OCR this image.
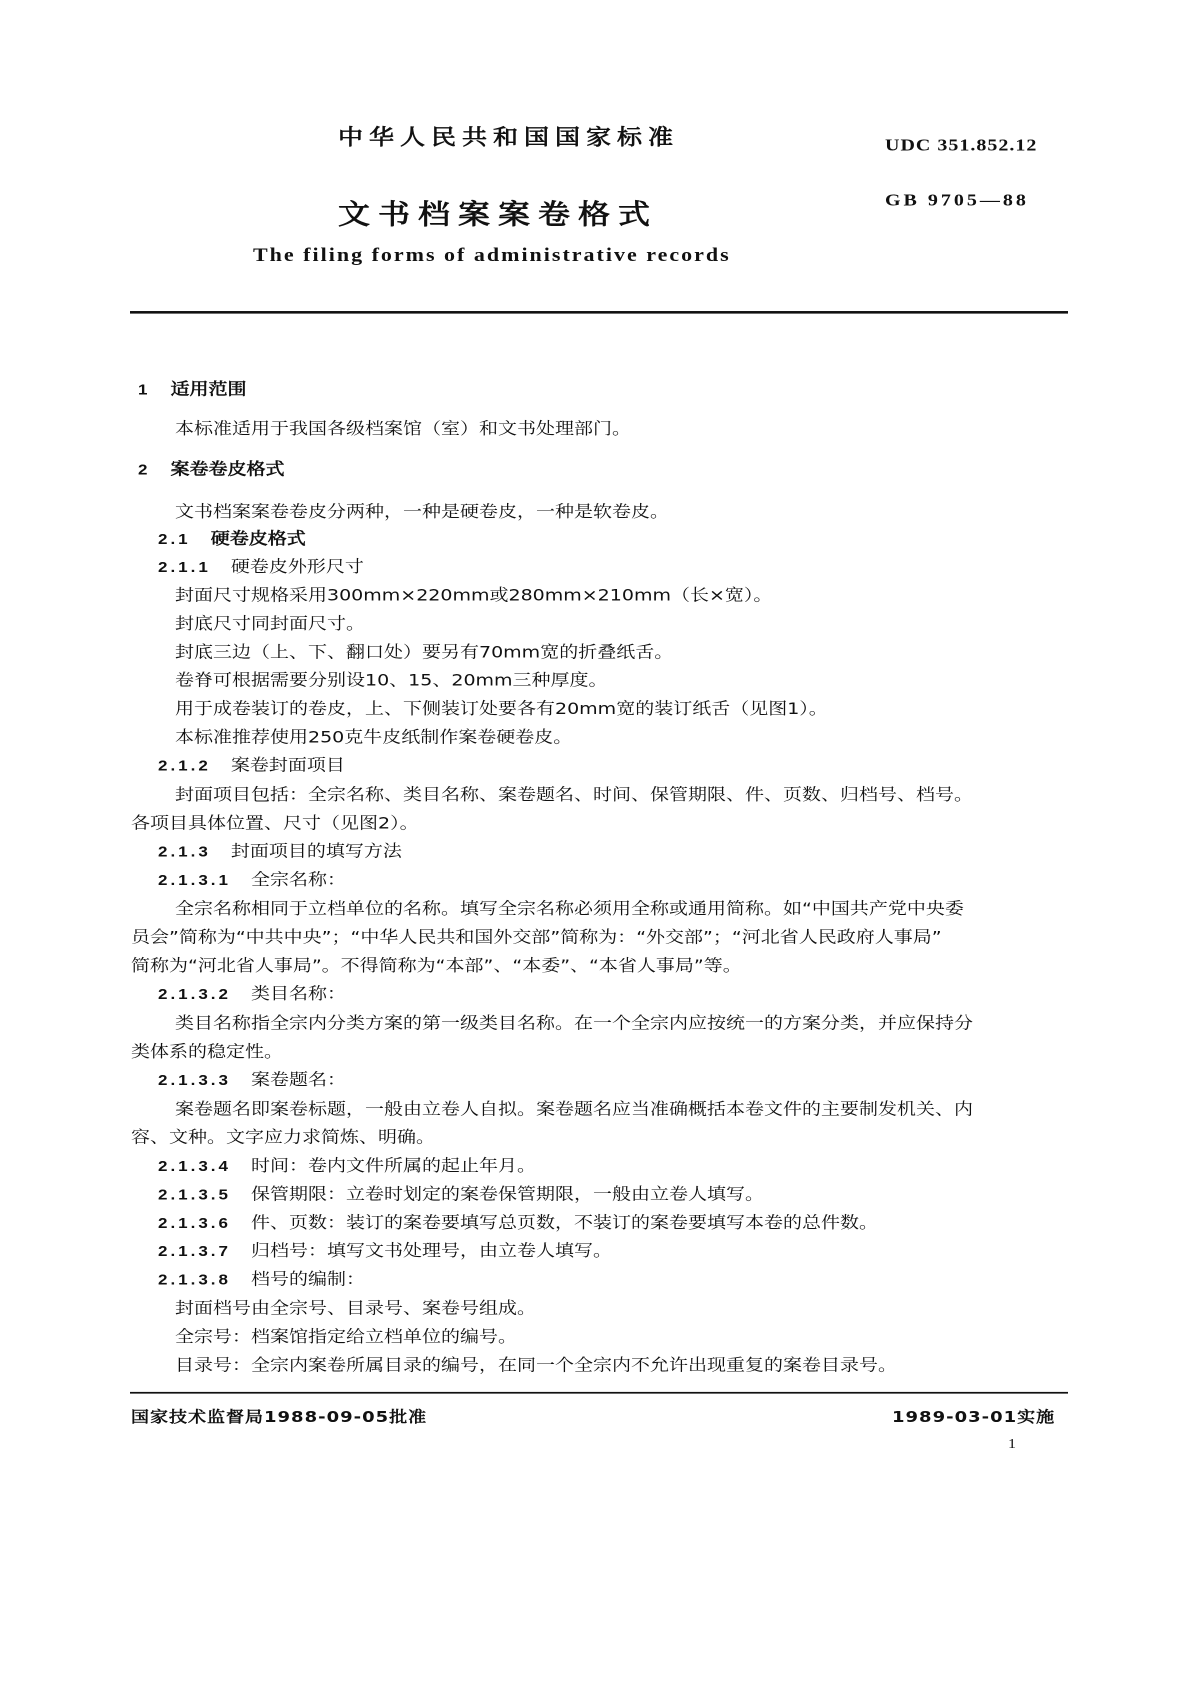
中华人民共和国国家标准	UDC 351.852.12
文书档案案卷格式	GB 9705—88
The filing forms of administrative records
1 适用范围
本标准适用于我国各级档案馆（室）和文书处理部门。
2 案卷卷皮格式
文书档案案卷卷皮分两种，一种是硬卷皮，一种是软卷皮。
2.1 硬卷皮格式
2.1.1 硬卷皮外形尺寸
封面尺寸规格采用300mm×220mm或280mm×210mm（长×宽）。
封底尺寸同封面尺寸。
封底三边（上、下、翻口处）要另有70mm宽的折叠纸舌。
卷脊可根据需要分别设10、15、20mm三种厚度。
用于成卷装订的卷皮，上、下侧装订处要各有20mm宽的装订纸舌（见图1）。
本标准推荐使用250克牛皮纸制作案卷硬卷皮。
2.1.2 案卷封面项目
封面项目包括：全宗名称、类目名称、案卷题名、时间、保管期限、件、页数、归档号、档号。
各项目具体位置、尺寸（见图2）。
2.1.3 封面项目的填写方法
2.1.3.1 全宗名称：
全宗名称相同于立档单位的名称。填写全宗名称必须用全称或通用简称。如“中国共产党中央委
员会”简称为“中共中央”；“中华人民共和国外交部”简称为：“外交部”；“河北省人民政府人事局”
简称为“河北省人事局”。不得简称为“本部”、“本委”、“本省人事局”等。
2.1.3.2 类目名称：
类目名称指全宗内分类方案的第一级类目名称。在一个全宗内应按统一的方案分类，并应保持分
类体系的稳定性。
2.1.3.3 案卷题名：
案卷题名即案卷标题，一般由立卷人自拟。案卷题名应当准确概括本卷文件的主要制发机关、内
容、文种。文字应力求简炼、明确。
2.1.3.4 时间：卷内文件所属的起止年月。
2.1.3.5 保管期限：立卷时划定的案卷保管期限，一般由立卷人填写。
2.1.3.6 件、页数：装订的案卷要填写总页数，不装订的案卷要填写本卷的总件数。
2.1.3.7 归档号：填写文书处理号，由立卷人填写。
2.1.3.8 档号的编制：
封面档号由全宗号、目录号、案卷号组成。
全宗号：档案馆指定给立档单位的编号。
目录号：全宗内案卷所属目录的编号，在同一个全宗内不允许出现重复的案卷目录号。
国家技术监督局1988-09-05批准	1989-03-01实施
1
